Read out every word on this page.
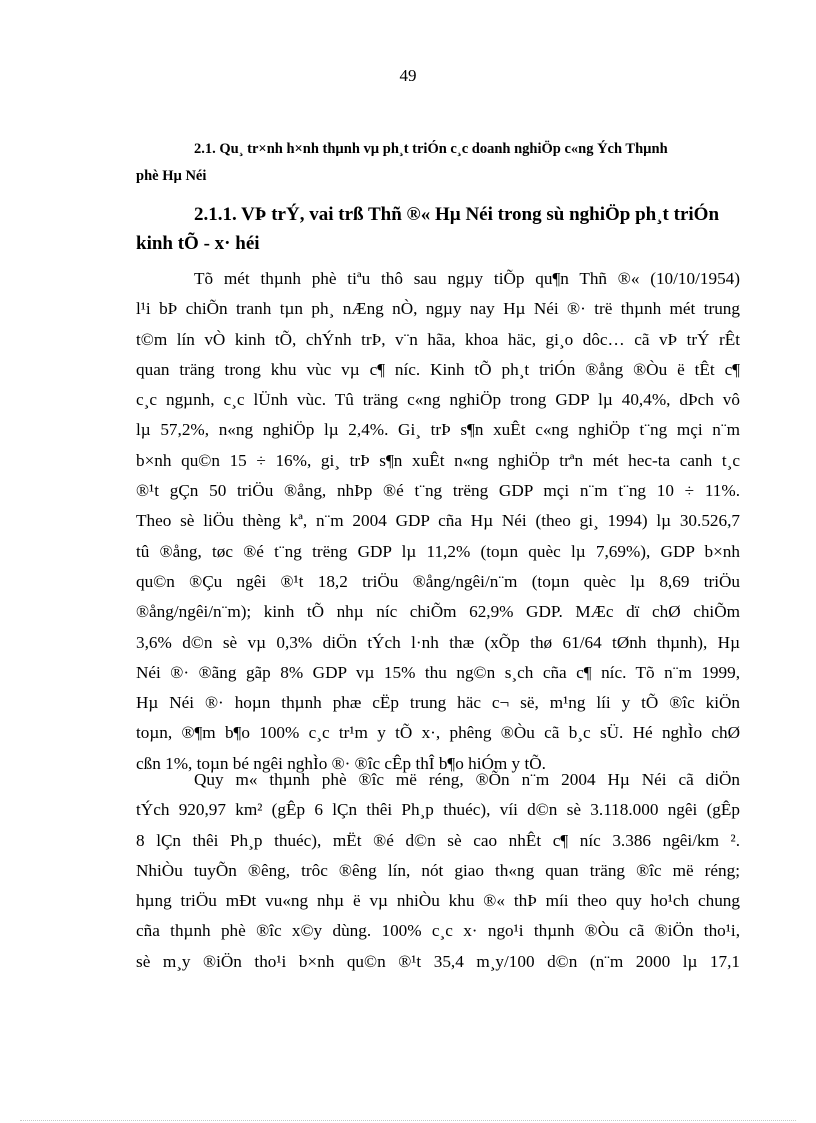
49
2.1. Qu¸ tr×nh h×nh thµnh vµ ph¸t triÓn c¸c doanh nghiÖp c«ng Ých Thµnh
phè Hµ Néi
2.1.1. VÞ trÝ, vai trß Thñ ®« Hµ Néi trong sù nghiÖp ph¸t triÓn
kinh tÕ - x· héi
Tõ mét thµnh phè tiªu thô sau ngµy tiÕp qu¶n Thñ ®« (10/10/1954)
l¹i bÞ chiÕn tranh tµn ph¸ nÆng nÒ, ngµy nay Hµ Néi ®· trë thµnh mét trung
t©m lín vÒ kinh tÕ, chÝnh trÞ, v¨n hãa, khoa häc, gi¸o dôc… cã vÞ trÝ rÊt
quan träng trong khu vùc vµ c¶ níc. Kinh tÕ ph¸t triÓn ®ång ®Òu ë tÊt c¶
c¸c ngµnh, c¸c lÜnh vùc. Tû träng c«ng nghiÖp trong GDP lµ 40,4%, dÞch vô
lµ 57,2%, n«ng nghiÖp lµ 2,4%. Gi¸ trÞ s¶n xuÊt c«ng nghiÖp t¨ng mçi n¨m
b×nh qu©n 15 ÷ 16%, gi¸ trÞ s¶n xuÊt n«ng nghiÖp trªn mét hec-ta canh t¸c
®¹t gÇn 50 triÖu ®ång, nhÞp ®é t¨ng trëng GDP mçi n¨m t¨ng 10 ÷ 11%.
Theo sè liÖu thèng kª, n¨m 2004 GDP cña Hµ Néi (theo gi¸ 1994) lµ 30.526,7
tû ®ång, tøc ®é t¨ng trëng GDP lµ 11,2% (toµn quèc lµ 7,69%), GDP b×nh
qu©n ®Çu ngêi ®¹t 18,2 triÖu ®ång/ngêi/n¨m (toµn quèc lµ 8,69 triÖu
®ång/ngêi/n¨m); kinh tÕ nhµ níc chiÕm 62,9% GDP. MÆc dï chØ chiÕm
3,6% d©n sè vµ 0,3% diÖn tÝch l·nh thæ (xÕp thø 61/64 tØnh thµnh), Hµ
Néi ®· ®ãng gãp 8% GDP vµ 15% thu ng©n s¸ch cña c¶ níc. Tõ n¨m 1999,
Hµ Néi ®· hoµn thµnh phæ cËp trung häc c¬ së, m¹ng líi y tÕ ®îc kiÖn
toµn, ®¶m b¶o 100% c¸c tr¹m y tÕ x·, phêng ®Òu cã b¸c sÜ. Hé nghÌo chØ
cßn 1%, toµn bé ngêi nghÌo ®· ®îc cÊp thÎ b¶o hiÓm y tÕ.
Quy m« thµnh phè ®îc më réng, ®Õn n¨m 2004 Hµ Néi cã diÖn
tÝch 920,97 km² (gÊp 6 lÇn thêi Ph¸p thuéc), víi d©n sè 3.118.000 ngêi (gÊp
8 lÇn thêi Ph¸p thuéc), mËt ®é d©n sè cao nhÊt c¶ níc 3.386 ngêi/km ².
NhiÒu tuyÕn ®êng, trôc ®êng lín, nót giao th«ng quan träng ®îc më réng;
hµng triÖu mÐt vu«ng nhµ ë vµ nhiÒu khu ®« thÞ míi theo quy ho¹ch chung
cña thµnh phè ®îc x©y dùng. 100% c¸c x· ngo¹i thµnh ®Òu cã ®iÖn tho¹i,
sè m¸y ®iÖn tho¹i b×nh qu©n ®¹t 35,4 m¸y/100 d©n (n¨m 2000 lµ 17,1
